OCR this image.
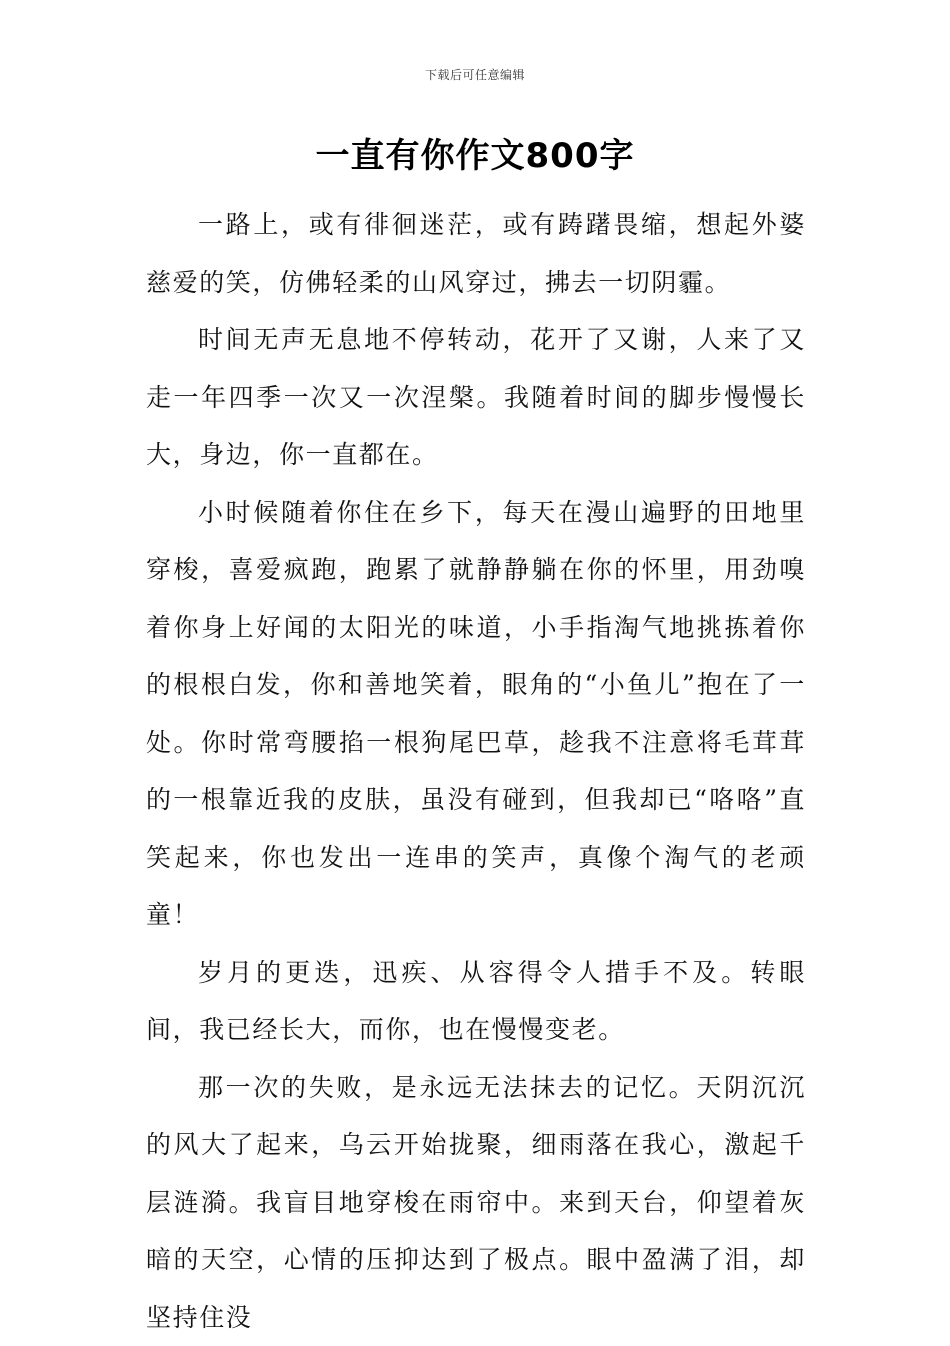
下载后可任意编辑
一直有你作文800字

一路上，或有徘徊迷茫，或有踌躇畏缩，想起外婆慈爱的笑，仿佛轻柔的山风穿过，拂去一切阴霾。

时间无声无息地不停转动，花开了又谢，人来了又走一年四季一次又一次涅槃。我随着时间的脚步慢慢长大，身边，你一直都在。

小时候随着你住在乡下，每天在漫山遍野的田地里穿梭，喜爱疯跑，跑累了就静静躺在你的怀里，用劲嗅着你身上好闻的太阳光的味道，小手指淘气地挑拣着你的根根白发，你和善地笑着，眼角的“小鱼儿”抱在了一处。你时常弯腰掐一根狗尾巴草，趁我不注意将毛茸茸的一根靠近我的皮肤，虽没有碰到，但我却已“咯咯”直笑起来，你也发出一连串的笑声，真像个淘气的老顽童！

岁月的更迭，迅疾、从容得令人措手不及。转眼间，我已经长大，而你，也在慢慢变老。

那一次的失败，是永远无法抹去的记忆。天阴沉沉的风大了起来，乌云开始拢聚，细雨落在我心，激起千层涟漪。我盲目地穿梭在雨帘中。来到天台，仰望着灰暗的天空，心情的压抑达到了极点。眼中盈满了泪，却坚持住没
